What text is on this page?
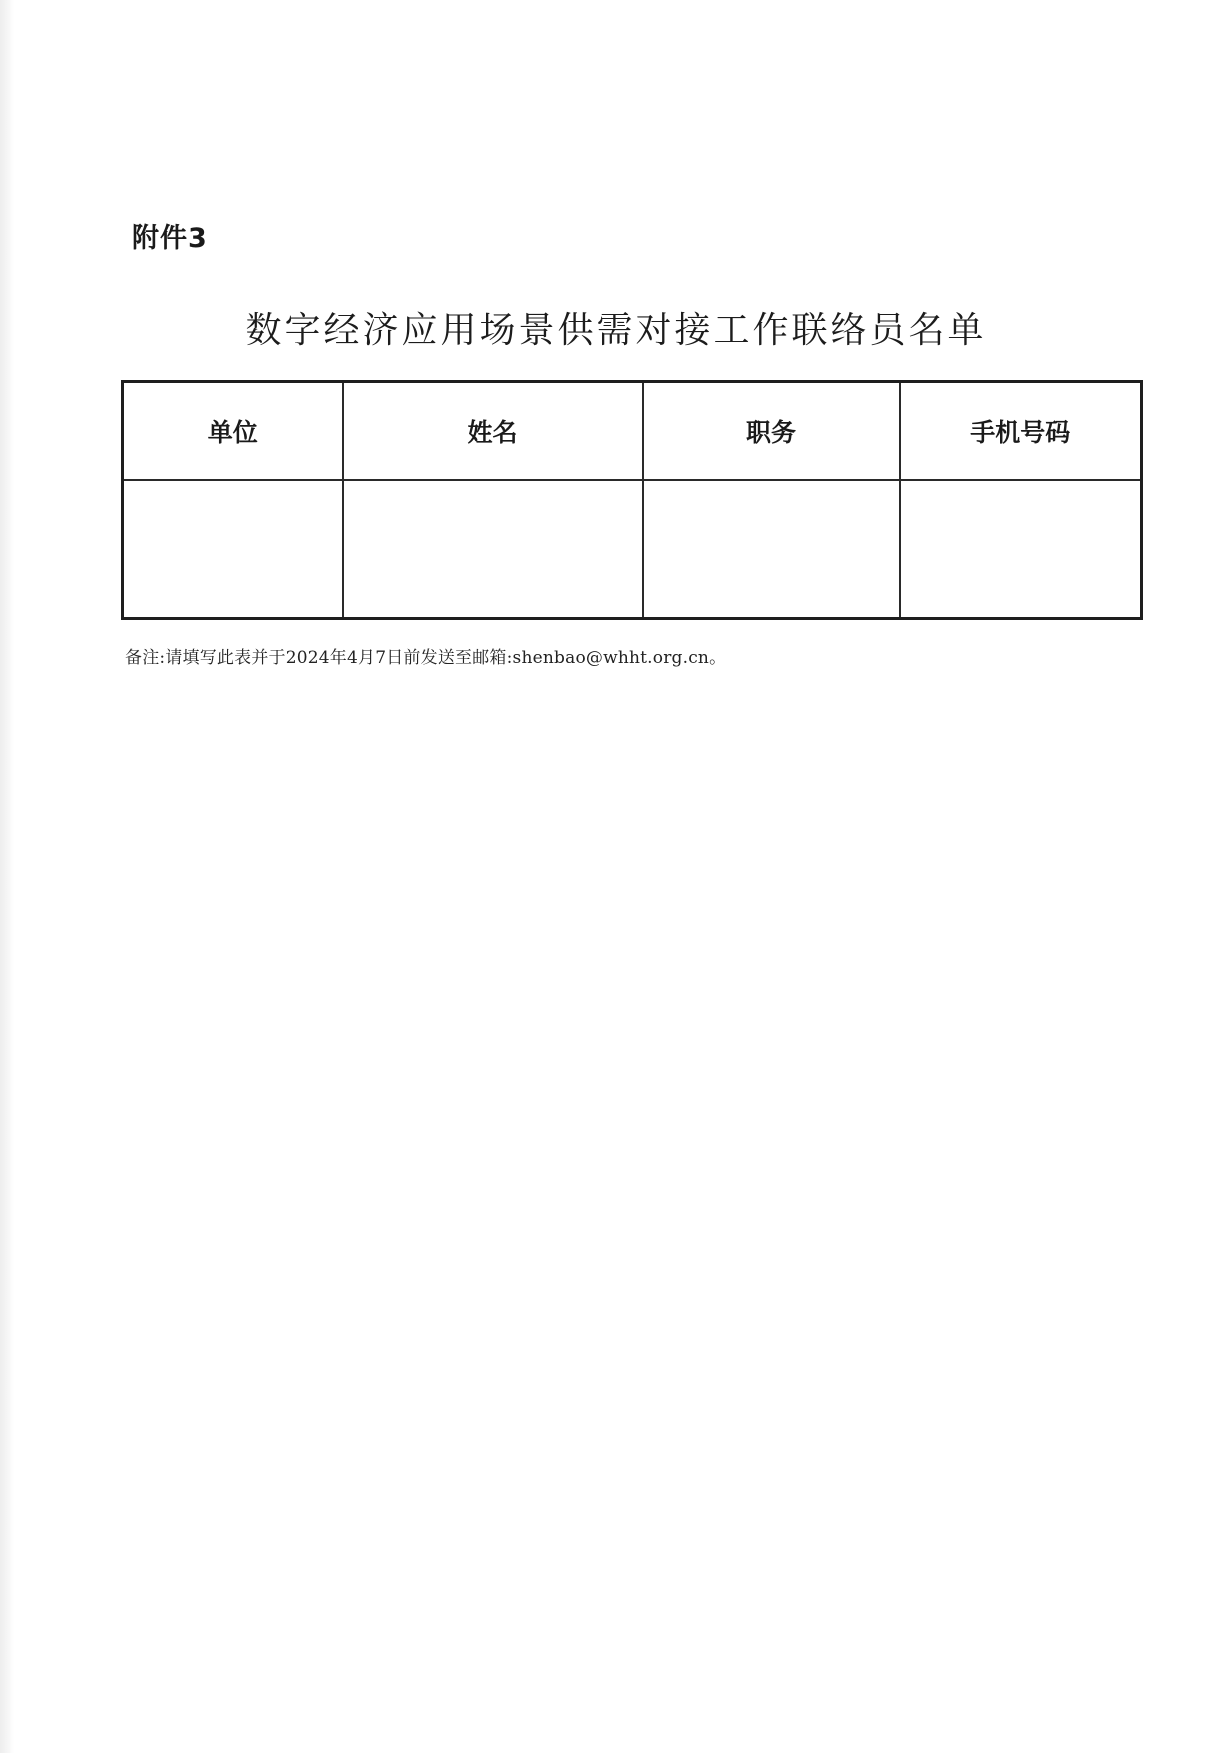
附件3
数字经济应用场景供需对接工作联络员名单
单位	姓名	职务	手机号码

备注:请填写此表并于2024年4月7日前发送至邮箱:shenbao@whht.org.cn。
